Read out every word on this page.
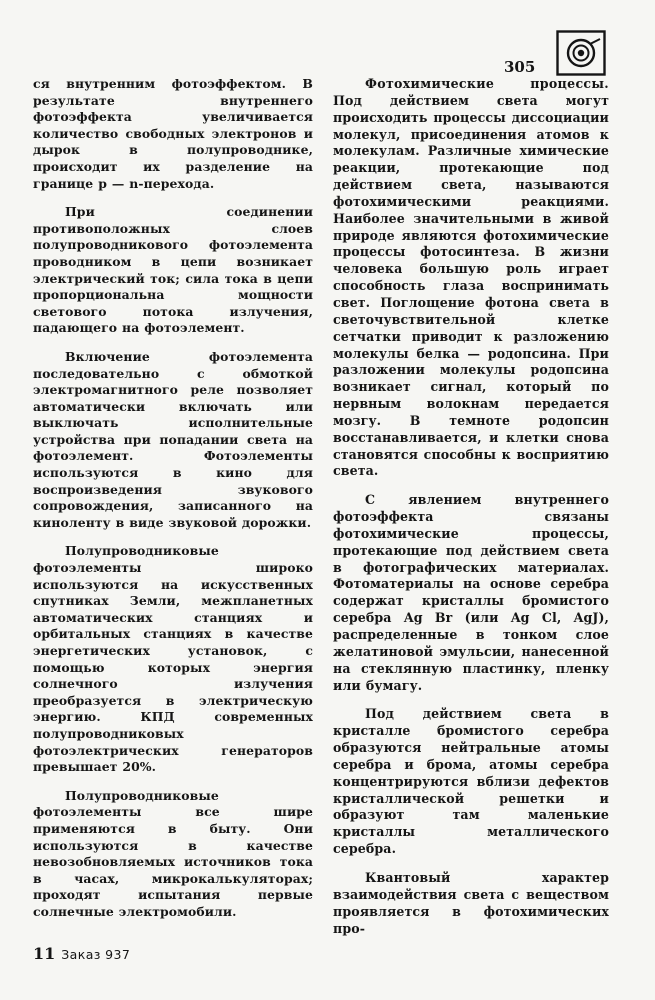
305

ся внутренним фотоэффектом. В результате внутреннего фотоэффекта увеличивается количество свободных электронов и дырок в полупроводнике, происходит их разделение на границе p — n-перехода.

При соединении противоположных слоев полупроводникового фотоэлемента проводником в цепи возникает электрический ток; сила тока в цепи пропорциональна мощности светового потока излучения, падающего на фотоэлемент.

Включение фотоэлемента последовательно с обмоткой электромагнитного реле позволяет автоматически включать или выключать исполнительные устройства при попадании света на фотоэлемент. Фотоэлементы используются в кино для воспроизведения звукового сопровождения, записанного на киноленту в виде звуковой дорожки.

Полупроводниковые фотоэлементы широко используются на искусственных спутниках Земли, межпланетных автоматических станциях и орбитальных станциях в качестве энергетических установок, с помощью которых энергия солнечного излучения преобразуется в электрическую энергию. КПД современных полупроводниковых фотоэлектрических генераторов превышает 20%.

Полупроводниковые фотоэлементы все шире применяются в быту. Они используются в качестве невозобновляемых источников тока в часах, микрокалькуляторах; проходят испытания первые солнечные электромобили.

Фотохимические процессы. Под действием света могут происходить процессы диссоциации молекул, присоединения атомов к молекулам. Различные химические реакции, протекающие под действием света, называются фотохимическими реакциями. Наиболее значительными в живой природе являются фотохимические процессы фотосинтеза. В жизни человека большую роль играет способность глаза воспринимать свет. Поглощение фотона света в светочувствительной клетке сетчатки приводит к разложению молекулы белка — родопсина. При разложении молекулы родопсина возникает сигнал, который по нервным волокнам передается мозгу. В темноте родопсин восстанавливается, и клетки снова становятся способны к восприятию света.

С явлением внутреннего фотоэффекта связаны фотохимические процессы, протекающие под действием света в фотографических материалах. Фотоматериалы на основе серебра содержат кристаллы бромистого серебра Ag Br (или Ag Cl, AgJ), распределенные в тонком слое желатиновой эмульсии, нанесенной на стеклянную пластинку, пленку или бумагу.

Под действием света в кристалле бромистого серебра образуются нейтральные атомы серебра и брома, атомы серебра концентрируются вблизи дефектов кристаллической решетки и образуют там маленькие кристаллы металлического серебра.

Квантовый характер взаимодействия света с веществом проявляется в фотохимических про-

11 Заказ 937
